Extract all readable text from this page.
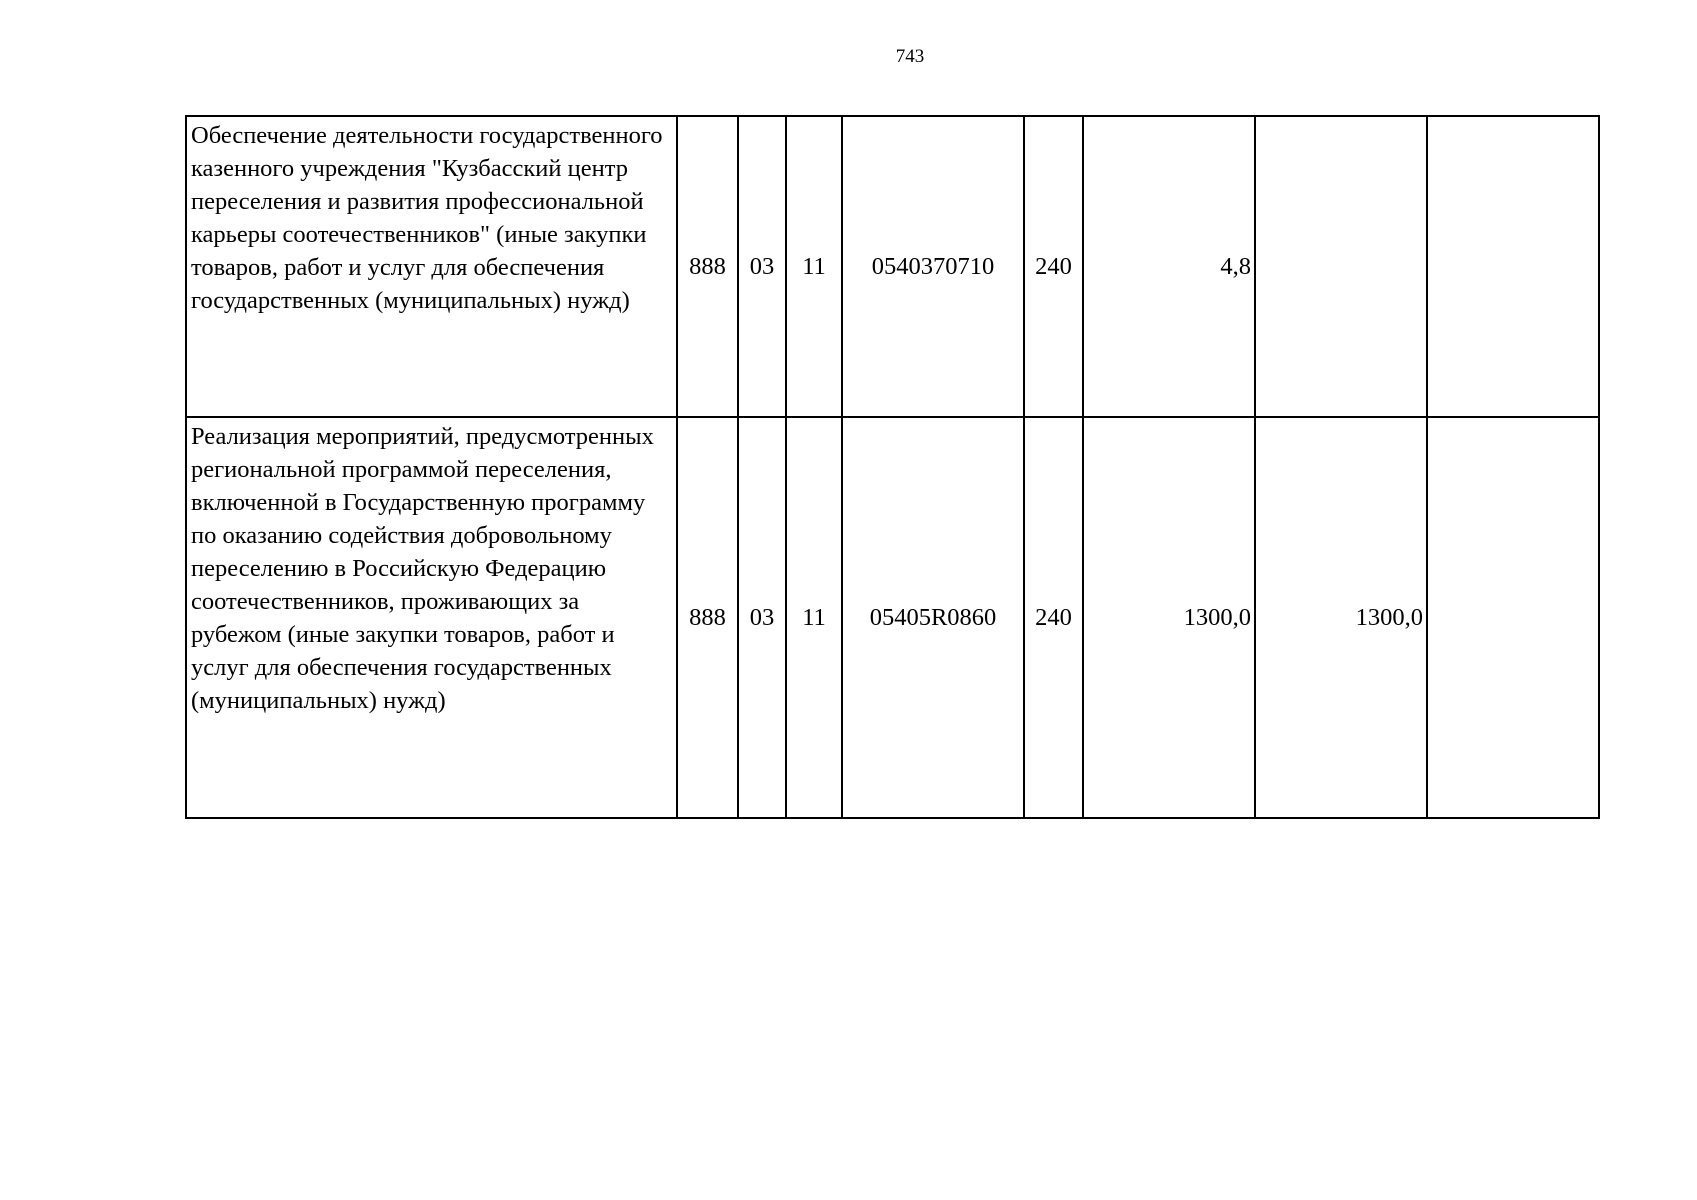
743
Обеспечение деятельности государственного казенного учреждения "Кузбасский центр переселения и развития профессиональной карьеры соотечественников" (иные закупки товаров, работ и услуг для обеспечения государственных (муниципальных) нужд)	888	03	11	0540370710	240	4,8		
Реализация мероприятий, предусмотренных региональной программой переселения, включенной в Государственную программу по оказанию содействия добровольному переселению в Российскую Федерацию соотечественников, проживающих за рубежом (иные закупки товаров, работ и услуг для обеспечения государственных (муниципальных) нужд)	888	03	11	05405R0860	240	1300,0	1300,0	
